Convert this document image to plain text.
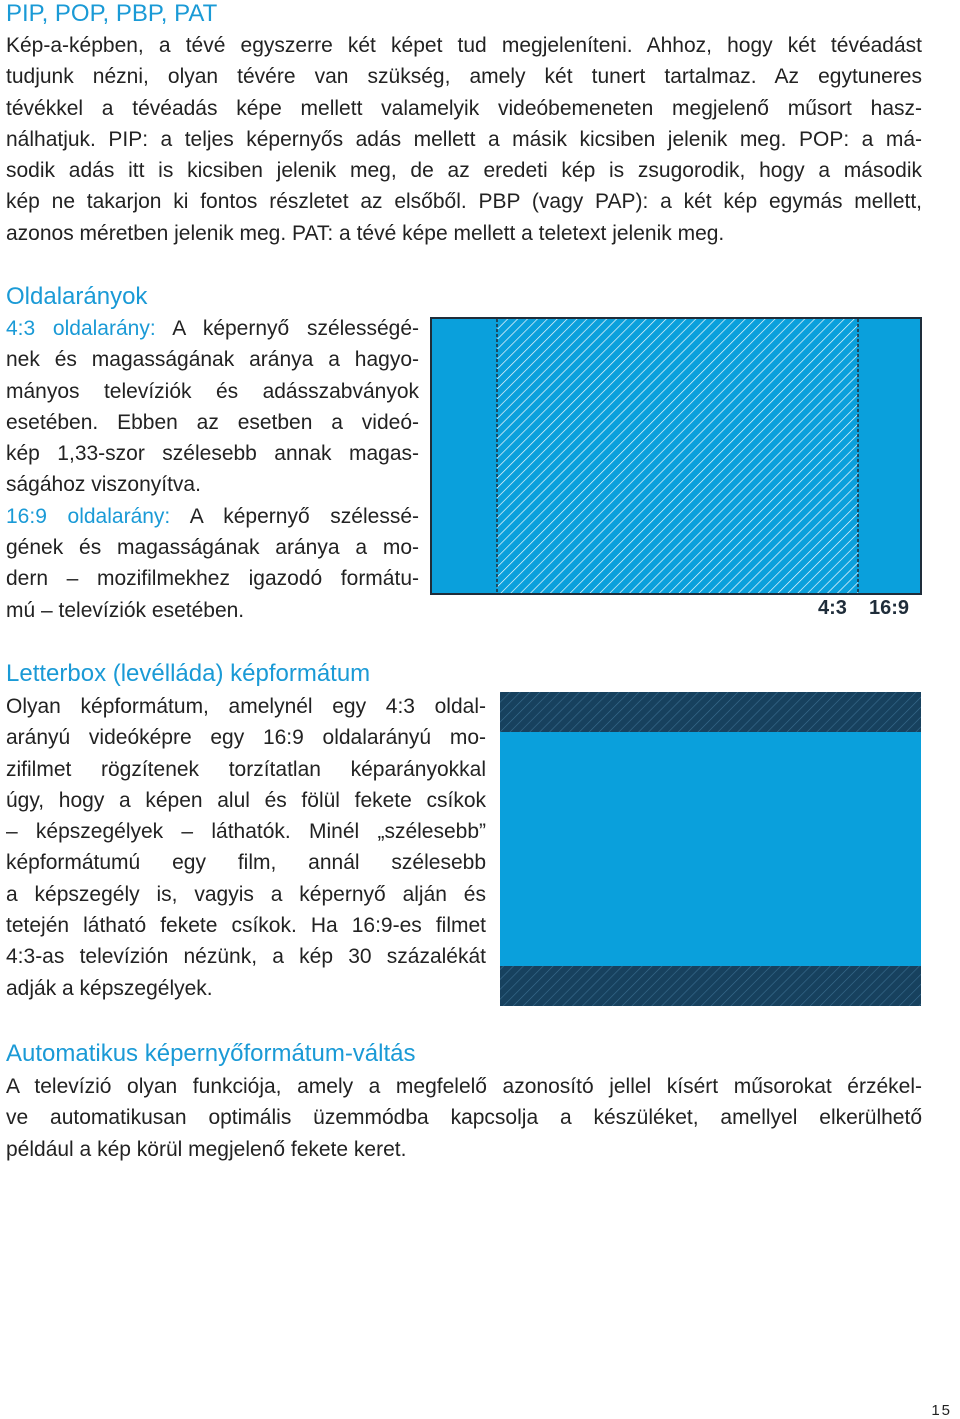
PIP, POP, PBP, PAT
Kép-a-képben, a tévé egyszerre két képet tud megjeleníteni. Ahhoz, hogy két tévéadást
tudjunk nézni, olyan tévére van szükség, amely két tunert tartalmaz. Az egytuneres
tévékkel a tévéadás képe mellett valamelyik videóbemeneten megjelenő műsort hasz-
nálhatjuk. PIP: a teljes képernyős adás mellett a másik kicsiben jelenik meg. POP: a má-
sodik adás itt is kicsiben jelenik meg, de az eredeti kép is zsugorodik, hogy a második
kép ne takarjon ki fontos részletet az elsőből. PBP (vagy PAP): a két kép egymás mellett,
azonos méretben jelenik meg. PAT: a tévé képe mellett a teletext jelenik meg.
Oldalarányok
4:3 oldalarány: A képernyő szélességé-
nek és magasságának aránya a hagyo-
mányos televíziók és adásszabványok
esetében. Ebben az esetben a videó-
kép 1,33-szor szélesebb annak magas-
ságához viszonyítva.
16:9 oldalarány: A képernyő szélessé-
gének és magasságának aránya a mo-
dern – mozifilmekhez igazodó formátu-
mú – televíziók esetében.	4:3 16:9
Letterbox (levélláda) képformátum
Olyan képformátum, amelynél egy 4:3 oldal-
arányú videóképre egy 16:9 oldalarányú mo-
zifilmet rögzítenek torzítatlan képarányokkal
úgy, hogy a képen alul és fölül fekete csíkok
– képszegélyek – láthatók. Minél „szélesebb”
képformátumú egy film, annál szélesebb
a képszegély is, vagyis a képernyő alján és
tetején látható fekete csíkok. Ha 16:9-es filmet
4:3-as televízión nézünk, a kép 30 százalékát
adják a képszegélyek.
Automatikus képernyőformátum-váltás
A televízió olyan funkciója, amely a megfelelő azonosító jellel kísért műsorokat érzékel-
ve automatikusan optimális üzemmódba kapcsolja a készüléket, amellyel elkerülhető
például a kép körül megjelenő fekete keret.
15
